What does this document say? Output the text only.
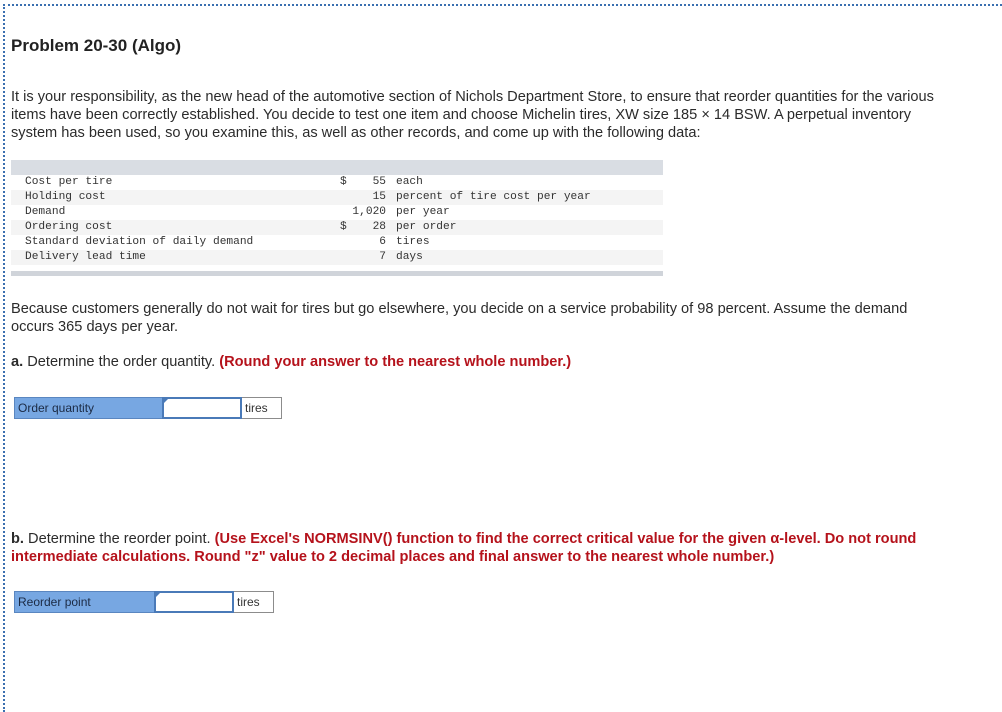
Problem 20-30 (Algo)
It is your responsibility, as the new head of the automotive section of Nichols Department Store, to ensure that reorder quantities for the various items have been correctly established. You decide to test one item and choose Michelin tires, XW size 185 × 14 BSW. A perpetual inventory system has been used, so you examine this, as well as other records, and come up with the following data:
Cost per tire	$	55 each
Holding cost	15 percent of tire cost per year
Demand	1,020 per year
Ordering cost	$	28 per order
Standard deviation of daily demand	6 tires
Delivery lead time	7 days
Because customers generally do not wait for tires but go elsewhere, you decide on a service probability of 98 percent. Assume the demand occurs 365 days per year.
a. Determine the order quantity. (Round your answer to the nearest whole number.)
Order quantity	tires
b. Determine the reorder point. (Use Excel's NORMSINV() function to find the correct critical value for the given α-level. Do not round intermediate calculations. Round "z" value to 2 decimal places and final answer to the nearest whole number.)
Reorder point	tires
